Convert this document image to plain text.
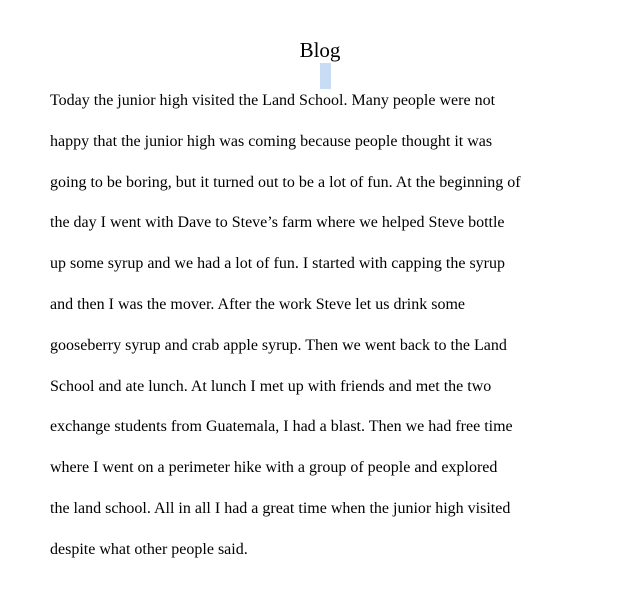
Blog
Today the junior high visited the Land School. Many people were not
happy that the junior high was coming because people thought it was
going to be boring, but it turned out to be a lot of fun. At the beginning of
the day I went with Dave to Steve’s farm where we helped Steve bottle
up some syrup and we had a lot of fun. I started with capping the syrup
and then I was the mover. After the work Steve let us drink some
gooseberry syrup and crab apple syrup. Then we went back to the Land
School and ate lunch. At lunch I met up with friends and met the two
exchange students from Guatemala, I had a blast. Then we had free time
where I went on a perimeter hike with a group of people and explored
the land school. All in all I had a great time when the junior high visited
despite what other people said.
